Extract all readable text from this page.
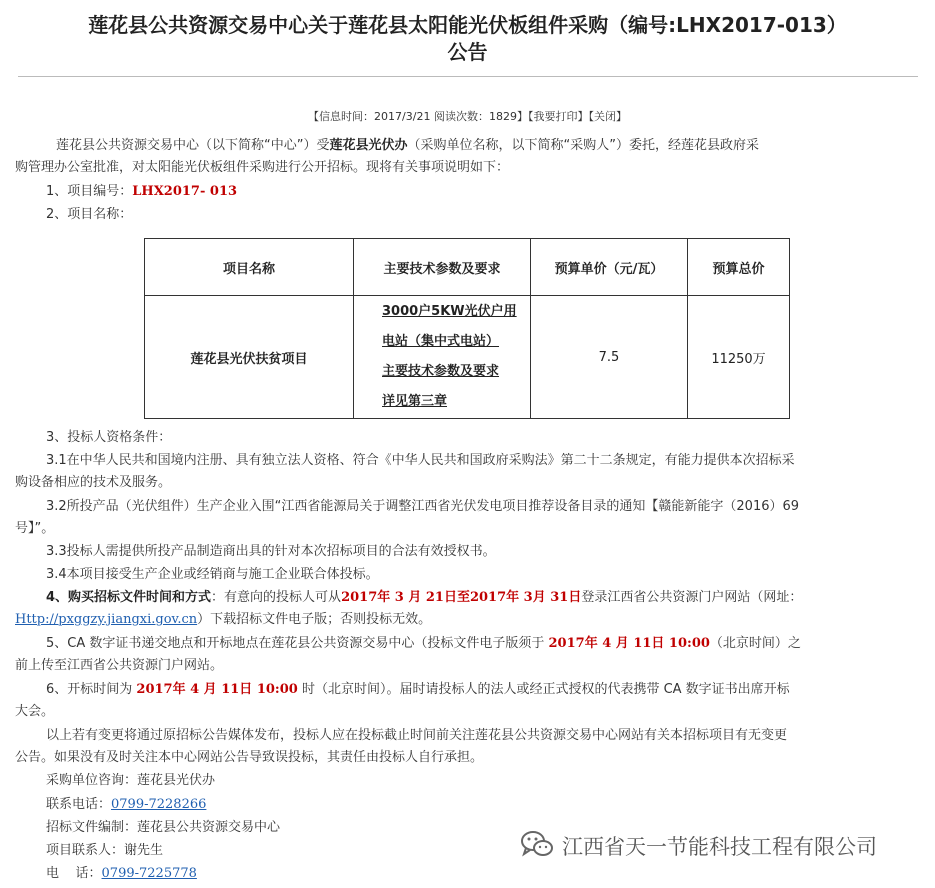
莲花县公共资源交易中心关于莲花县太阳能光伏板组件采购（编号:LHX2017-013）
公告
【信息时间：2017/3/21 阅读次数：1829】【我要打印】【关闭】
莲花县公共资源交易中心（以下简称“中心”）受莲花县光伏办（采购单位名称，以下简称“采购人”）委托，经莲花县政府采
购管理办公室批准，对太阳能光伏板组件采购进行公开招标。现将有关事项说明如下：
1、项目编号：LHX2017- 013
2、项目名称：
项目名称	主要技术参数及要求	预算单价（元/瓦）	预算总价
莲花县光伏扶贫项目	3000户5KW光伏户用
电站（集中式电站）
主要技术参数及要求
详见第三章	7.5	11250万
3、投标人资格条件：
3.1在中华人民共和国境内注册、具有独立法人资格、符合《中华人民共和国政府采购法》第二十二条规定，有能力提供本次招标采
购设备相应的技术及服务。
3.2所投产品（光伏组件）生产企业入围“江西省能源局关于调整江西省光伏发电项目推荐设备目录的通知【赣能新能字（2016）69
号】”。
3.3投标人需提供所投产品制造商出具的针对本次招标项目的合法有效授权书。
3.4本项目接受生产企业或经销商与施工企业联合体投标。
4、购买招标文件时间和方式：有意向的投标人可从2017年 3 月 21日至2017年 3月 31日登录江西省公共资源门户网站（网址：
Http://pxggzy.jiangxi.gov.cn）下载招标文件电子版；否则投标无效。
5、CA 数字证书递交地点和开标地点在莲花县公共资源交易中心（投标文件电子版须于 2017年 4 月 11日 10:00（北京时间）之
前上传至江西省公共资源门户网站。
6、开标时间为 2017年 4 月 11日 10:00 时（北京时间）。届时请投标人的法人或经正式授权的代表携带 CA 数字证书出席开标
大会。
以上若有变更将通过原招标公告媒体发布，投标人应在投标截止时间前关注莲花县公共资源交易中心网站有关本招标项目有无变更
公告。如果没有及时关注本中心网站公告导致误投标，其责任由投标人自行承担。
采购单位咨询：莲花县光伏办
联系电话：0799-7228266
招标文件编制：莲花县公共资源交易中心
项目联系人：谢先生
电    话：0799-7225778
江西省天一节能科技工程有限公司
